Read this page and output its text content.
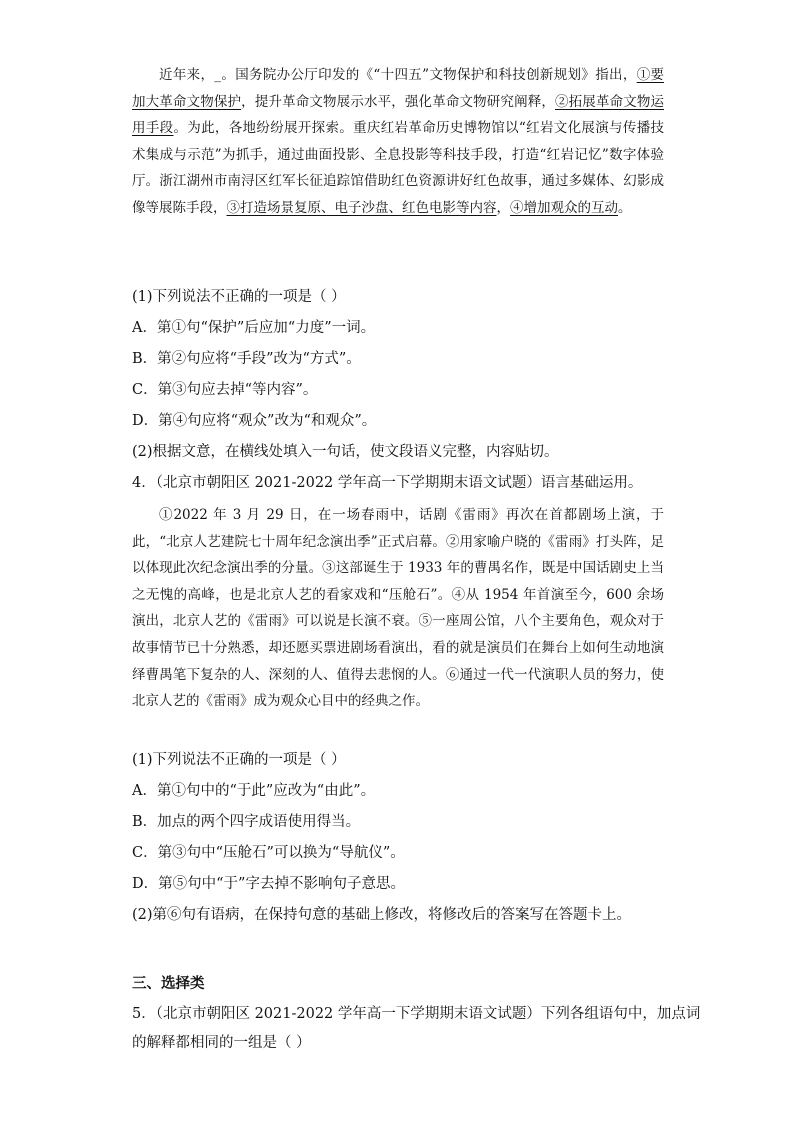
近年来，_。国务院办公厅印发的《“十四五”文物保护和科技创新规划》指出，①要加大革命文物保护，提升革命文物展示水平，强化革命文物研究阐释，②拓展革命文物运用手段。为此，各地纷纷展开探索。重庆红岩革命历史博物馆以“红岩文化展演与传播技术集成与示范”为抓手，通过曲面投影、全息投影等科技手段，打造“红岩记忆”数字体验厅。浙江湖州市南浔区红军长征追踪馆借助红色资源讲好红色故事，通过多媒体、幻影成像等展陈手段，③打造场景复原、电子沙盘、红色电影等内容，④增加观众的互动。

(1)下列说法不正确的一项是（ ）

A．第①句“保护”后应加“力度”一词。

B．第②句应将“手段”改为“方式”。

C．第③句应去掉“等内容”。

D．第④句应将“观众”改为“和观众”。

(2)根据文意，在横线处填入一句话，使文段语义完整，内容贴切。

4．（北京市朝阳区 2021-2022 学年高一下学期期末语文试题）语言基础运用。

①2022 年 3 月 29 日，在一场春雨中，话剧《雷雨》再次在首都剧场上演，于此，“北京人艺建院七十周年纪念演出季”正式启幕。②用家喻户晓的《雷雨》打头阵，足以体现此次纪念演出季的分量。③这部诞生于 1933 年的曹禺名作，既是中国话剧史上当之无愧的高峰，也是北京人艺的看家戏和“压舱石”。④从 1954 年首演至今，600 余场演出，北京人艺的《雷雨》可以说是长演不衰。⑤一座周公馆，八个主要角色，观众对于故事情节已十分熟悉，却还愿买票进剧场看演出，看的就是演员们在舞台上如何生动地演绎曹禺笔下复杂的人、深刻的人、值得去悲悯的人。⑥通过一代一代演职人员的努力，使北京人艺的《雷雨》成为观众心目中的经典之作。

(1)下列说法不正确的一项是（ ）

A．第①句中的“于此”应改为“由此”。

B．加点的两个四字成语使用得当。

C．第③句中“压舱石”可以换为“导航仪”。

D．第⑤句中“于”字去掉不影响句子意思。

(2)第⑥句有语病，在保持句意的基础上修改，将修改后的答案写在答题卡上。

三、选择类

5．（北京市朝阳区 2021-2022 学年高一下学期期末语文试题）下列各组语句中，加点词

的解释都相同的一组是（ ）
